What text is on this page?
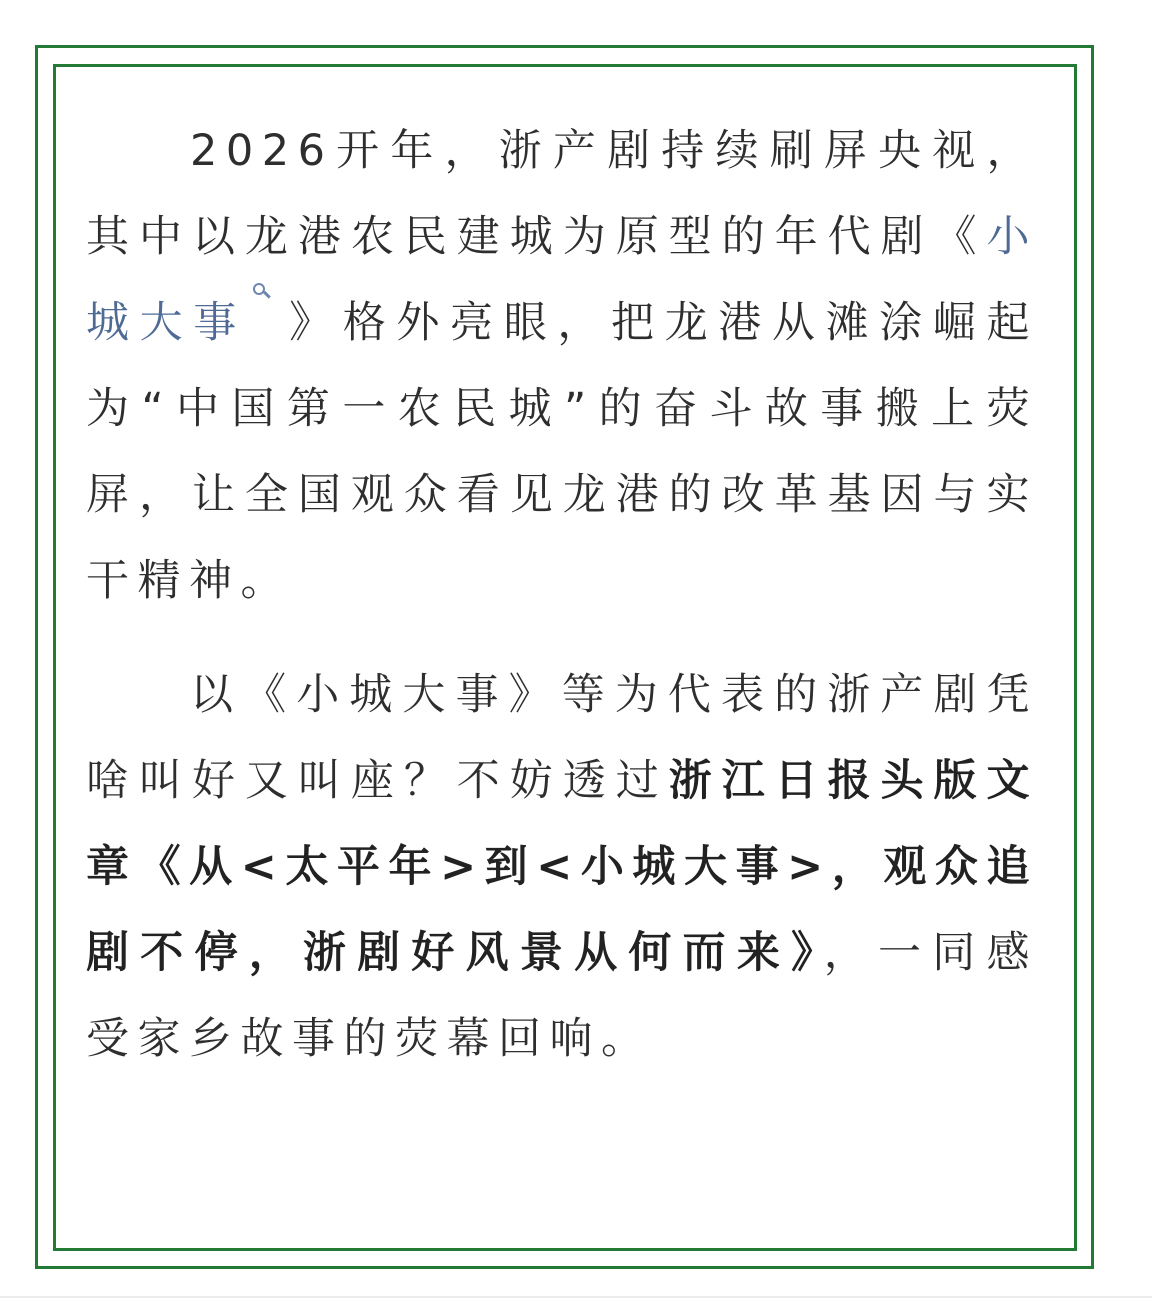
2026开年，浙产剧持续刷屏央视，其中以龙港农民建城为原型的年代剧《小城大事 》格外亮眼，把龙港从滩涂崛起为“中国第一农民城”的奋斗故事搬上荧屏，让全国观众看见龙港的改革基因与实干精神。

以《小城大事》等为代表的浙产剧凭啥叫好又叫座？不妨透过浙江日报头版文章《从<太平年>到<小城大事>，观众追剧不停，浙剧好风景从何而来》，一同感受家乡故事的荧幕回响。
